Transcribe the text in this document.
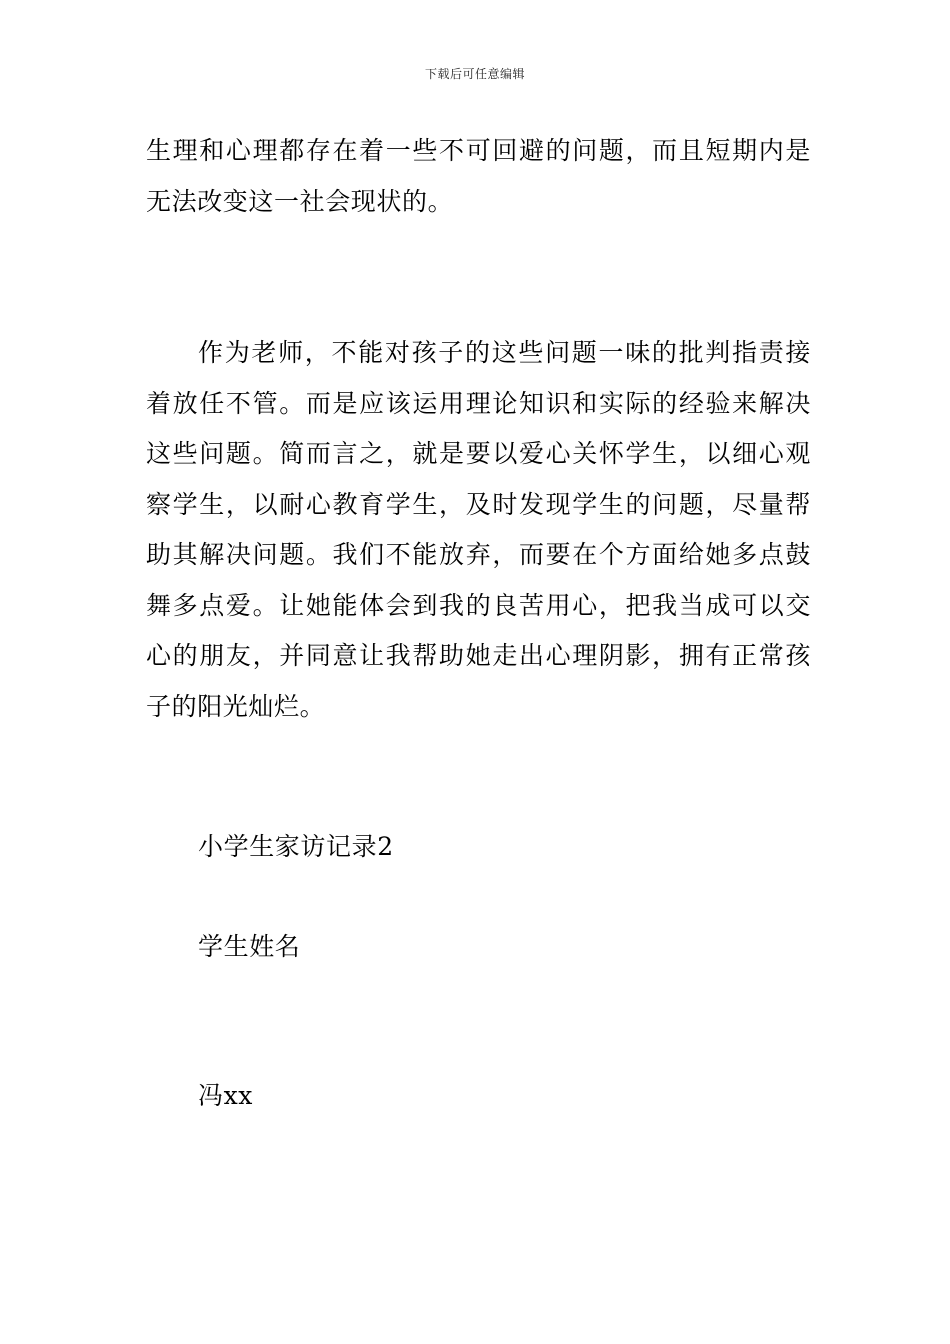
下载后可任意编辑

生理和心理都存在着一些不可回避的问题，而且短期内是无法改变这一社会现状的。

作为老师，不能对孩子的这些问题一味的批判指责接着放任不管。而是应该运用理论知识和实际的经验来解决这些问题。简而言之，就是要以爱心关怀学生，以细心观察学生，以耐心教育学生，及时发现学生的问题，尽量帮助其解决问题。我们不能放弃，而要在个方面给她多点鼓舞多点爱。让她能体会到我的良苦用心，把我当成可以交心的朋友，并同意让我帮助她走出心理阴影，拥有正常孩子的阳光灿烂。

小学生家访记录2
学生姓名
冯xx
